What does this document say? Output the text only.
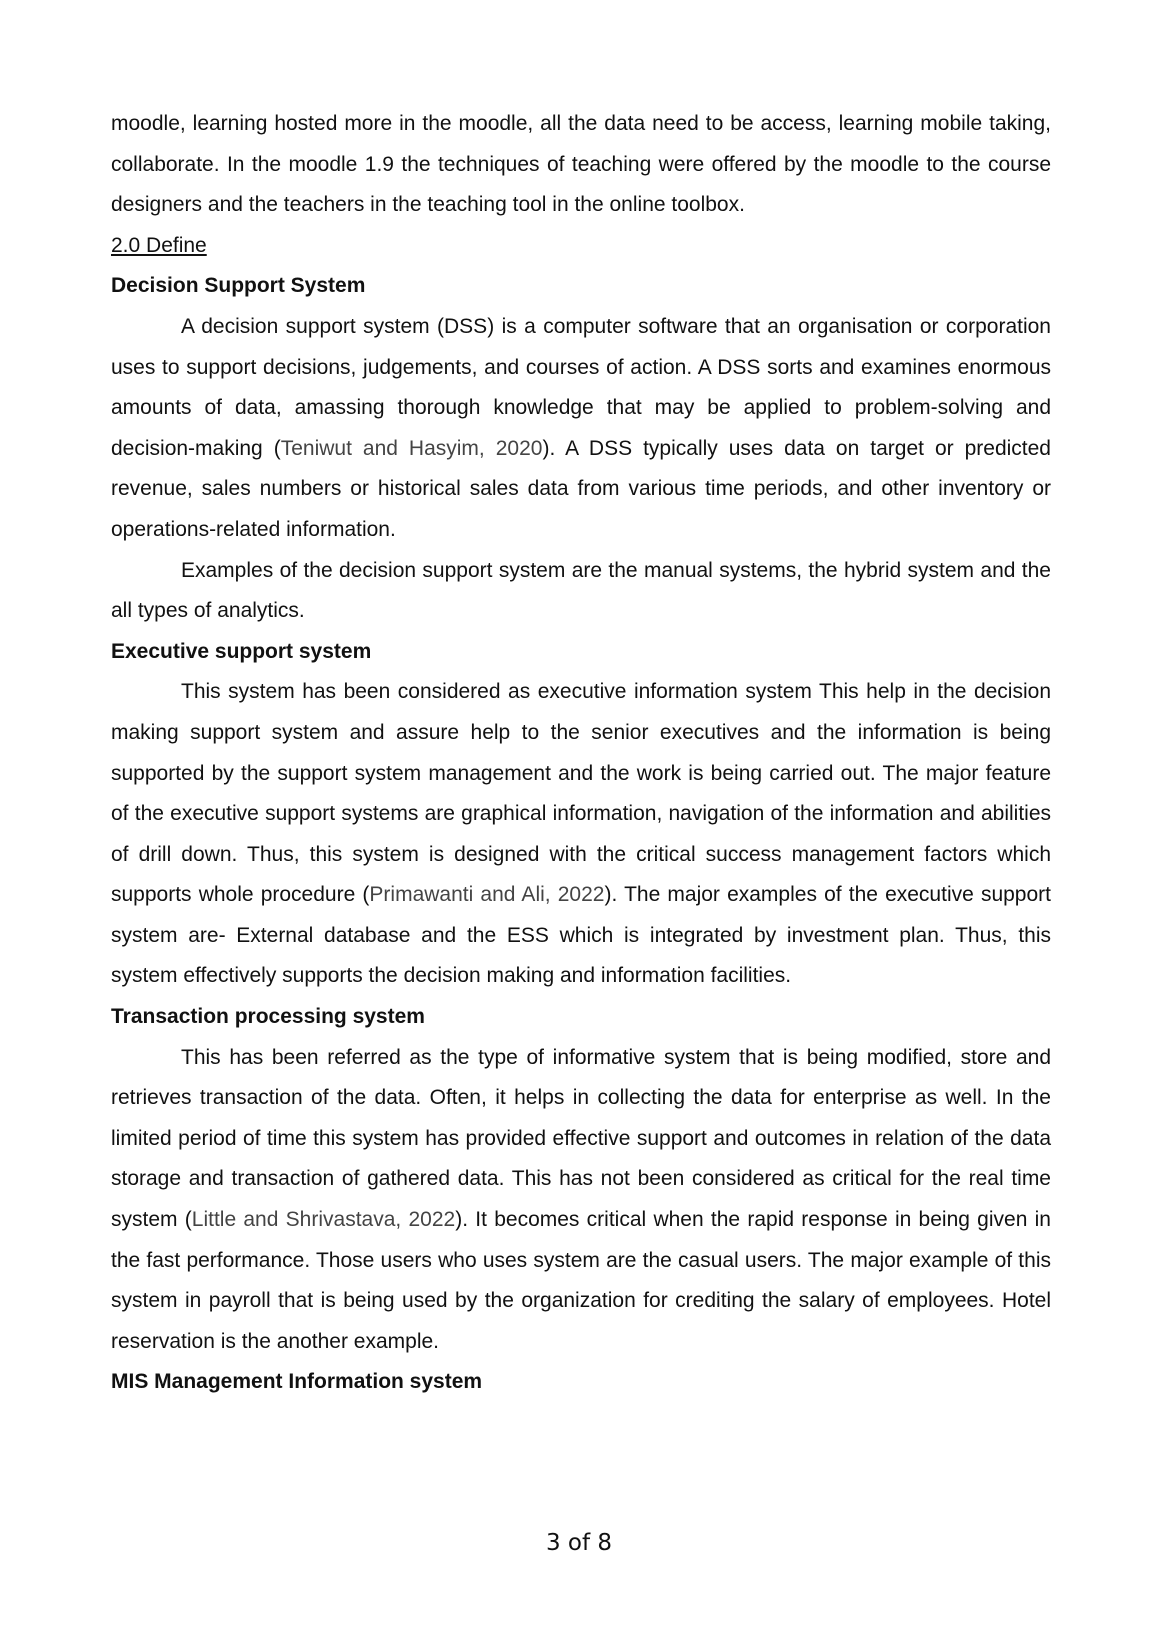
moodle, learning hosted more in the moodle, all the data need to be access, learning mobile taking, collaborate. In the moodle 1.9 the techniques of teaching were offered by the moodle to the course designers and the teachers in the teaching tool in the online toolbox.

2.0 Define

Decision Support System

A decision support system (DSS) is a computer software that an organisation or corporation uses to support decisions, judgements, and courses of action. A DSS sorts and examines enormous amounts of data, amassing thorough knowledge that may be applied to problem-solving and decision-making (Teniwut and Hasyim, 2020). A DSS typically uses data on target or predicted revenue, sales numbers or historical sales data from various time periods, and other inventory or operations-related information.

Examples of the decision support system are the manual systems, the hybrid system and the all types of analytics.

Executive support system

This system has been considered as executive information system This help in the decision making support system and assure help to the senior executives and the information is being supported by the support system management and the work is being carried out. The major feature of the executive support systems are graphical information, navigation of the information and abilities of drill down. Thus, this system is designed with the critical success management factors which supports whole procedure (Primawanti and Ali, 2022). The major examples of the executive support system are- External database and the ESS which is integrated by investment plan. Thus, this system effectively supports the decision making and information facilities.

Transaction processing system

This has been referred as the type of informative system that is being modified, store and retrieves transaction of the data. Often, it helps in collecting the data for enterprise as well. In the limited period of time this system has provided effective support and outcomes in relation of the data storage and transaction of gathered data. This has not been considered as critical for the real time system (Little and Shrivastava, 2022). It becomes critical when the rapid response in being given in the fast performance. Those users who uses system are the casual users. The major example of this system in payroll that is being used by the organization for crediting the salary of employees. Hotel reservation is the another example.

MIS Management Information system

3 of 8
